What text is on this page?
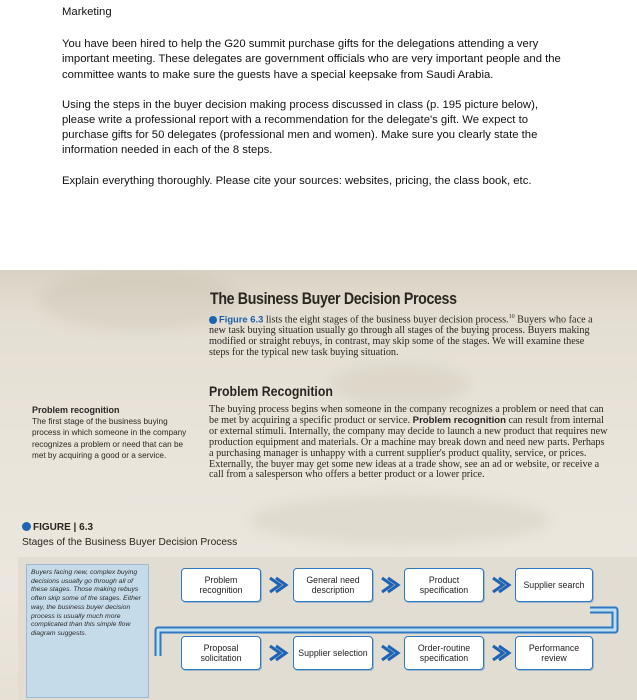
Marketing

You have been hired to help the G20 summit purchase gifts for the delegations attending a very important meeting. These delegates are government officials who are very important people and the committee wants to make sure the guests have a special keepsake from Saudi Arabia.

Using the steps in the buyer decision making process discussed in class (p. 195 picture below), please write a professional report with a recommendation for the delegate's gift. We expect to purchase gifts for 50 delegates (professional men and women). Make sure you clearly state the information needed in each of the 8 steps.

Explain everything thoroughly. Please cite your sources: websites, pricing, the class book, etc.

The Business Buyer Decision Process
Figure 6.3 lists the eight stages of the business buyer decision process.$^{10}$ Buyers who face a new task buying situation usually go through all stages of the buying process. Buyers making modified or straight rebuys, in contrast, may skip some of the stages. We will examine these steps for the typical new task buying situation.
Problem Recognition
The buying process begins when someone in the company recognizes a problem or need that can be met by acquiring a specific product or service. Problem recognition can result from internal or external stimuli. Internally, the company may decide to launch a new product that requires new production equipment and materials. Or a machine may break down and need new parts. Perhaps a purchasing manager is unhappy with a current supplier's product quality, service, or prices. Externally, the buyer may get some new ideas at a trade show, see an ad or website, or receive a call from a salesperson who offers a better product or a lower price.
Problem recognition
The first stage of the business buying process in which someone in the company recognizes a problem or need that can be met by acquiring a good or a service.
FIGURE | 6.3
Stages of the Business Buyer Decision Process
Buyers facing new, complex buying decisions usually go through all of these stages. Those making rebuys often skip some of the stages. Either way, the business buyer decision process is usually much more complicated than this simple flow diagram suggests.
Problem recognition
General need description
Product specification	Supplier search
Proposal solicitation	Supplier selection	Order-routine specification
Performance review
